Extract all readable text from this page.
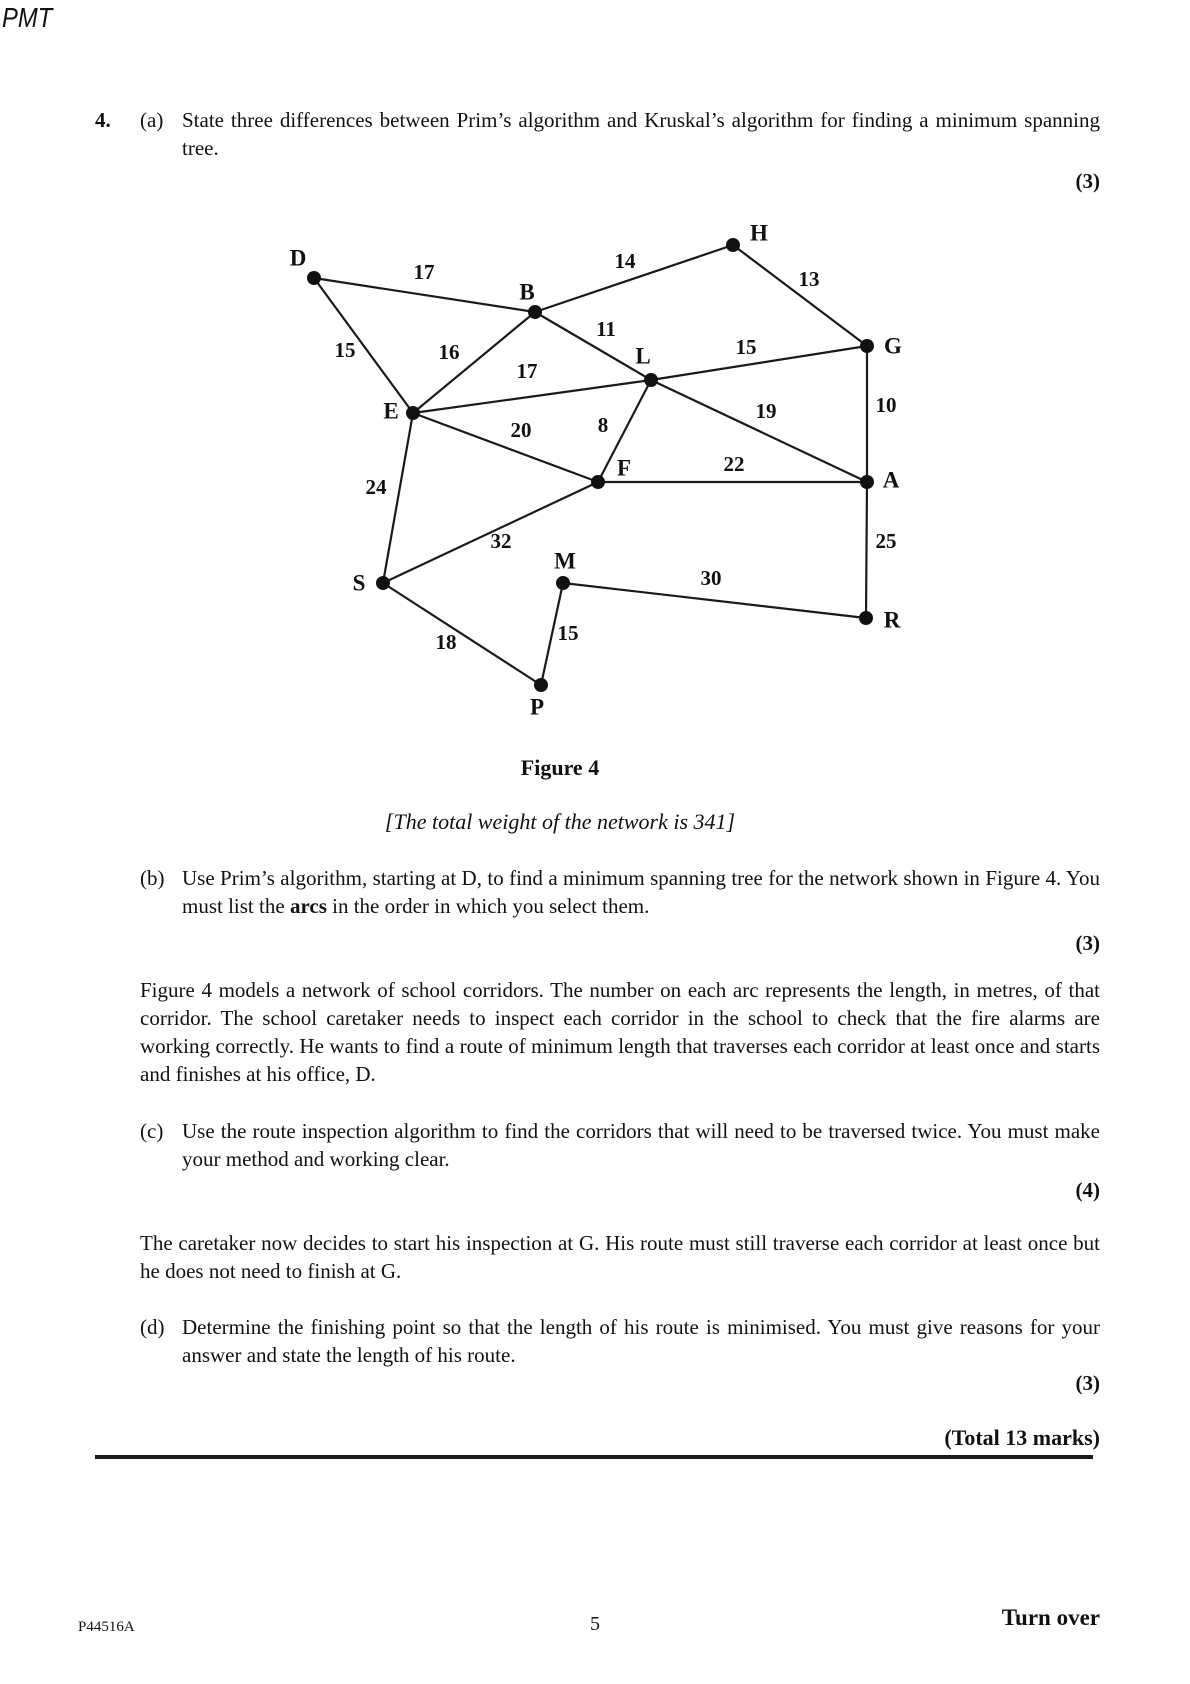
PMT
4. (a) State three differences between Prim’s algorithm and Kruskal’s algorithm for finding a minimum spanning tree.
(3)
17
15	16
14
11
13
15
17
20	8
19	10
22
24
32
18	15
30
25
D
B
H
G
L
E
F	A
S
M
R
P
Figure 4
[The total weight of the network is 341]
(b) Use Prim’s algorithm, starting at D, to find a minimum spanning tree for the network shown in Figure 4. You must list the arcs in the order in which you select them.
(3)
Figure 4 models a network of school corridors. The number on each arc represents the length, in metres, of that corridor. The school caretaker needs to inspect each corridor in the school to check that the fire alarms are working correctly. He wants to find a route of minimum length that traverses each corridor at least once and starts and finishes at his office, D.
(c) Use the route inspection algorithm to find the corridors that will need to be traversed twice. You must make your method and working clear.
(4)
The caretaker now decides to start his inspection at G. His route must still traverse each corridor at least once but he does not need to finish at G.
(d) Determine the finishing point so that the length of his route is minimised. You must give reasons for your answer and state the length of his route.
(3)
(Total 13 marks)
P44516A	5	Turn over
